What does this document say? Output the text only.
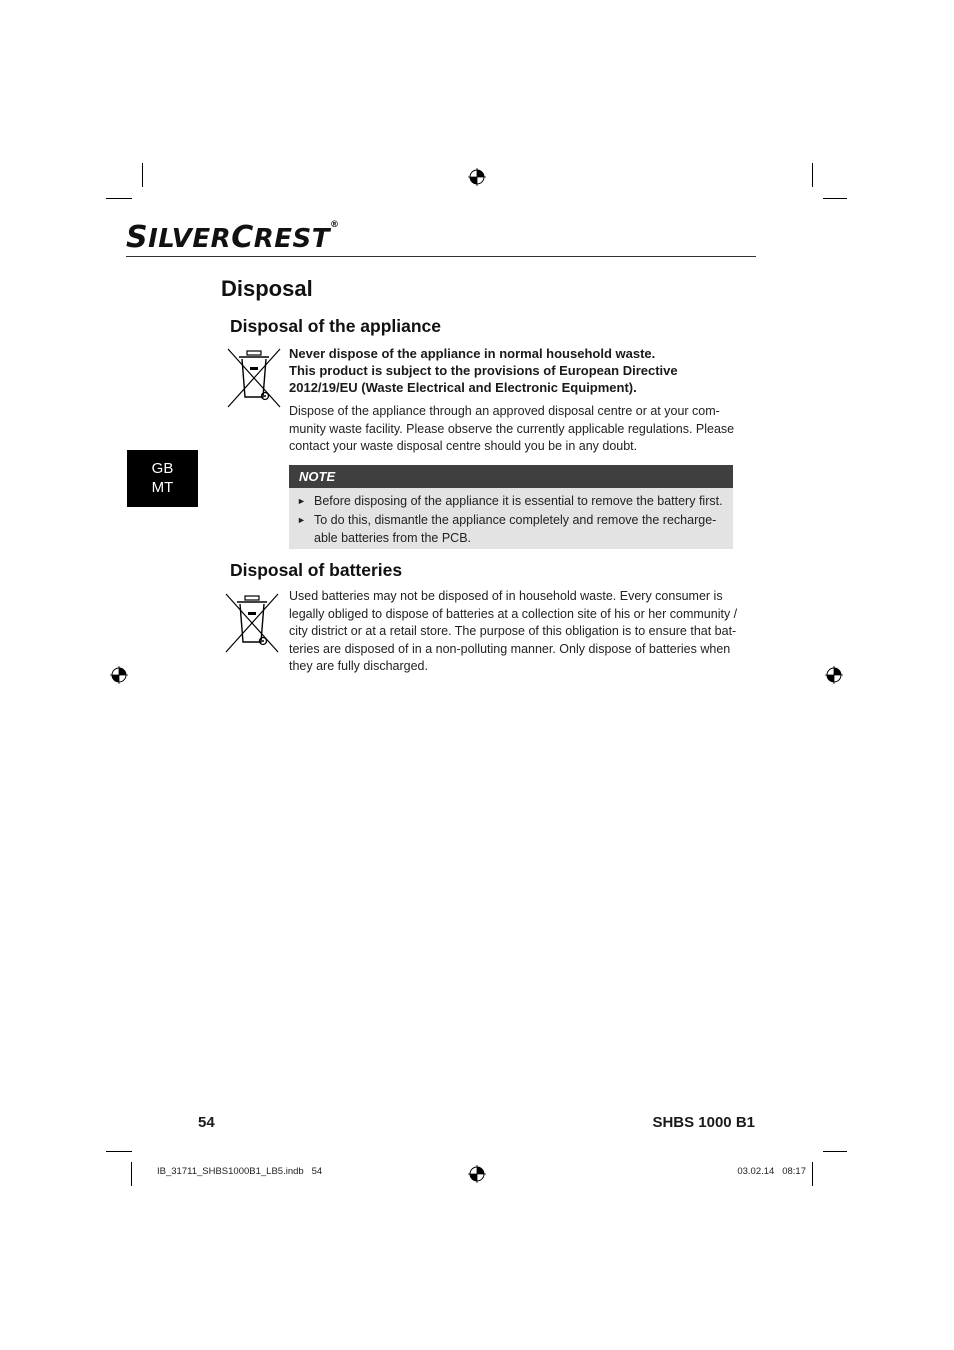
SILVERCREST®
Disposal
GB
MT
Disposal of the appliance
Never dispose of the appliance in normal household waste.
This product is subject to the provisions of European Directive
2012/19/EU (Waste Electrical and Electronic Equipment).
Dispose of the appliance through an approved disposal centre or at your com-
munity waste facility. Please observe the currently applicable regulations. Please
contact your waste disposal centre should you be in any doubt.
NOTE
► Before disposing of the appliance it is essential to remove the battery first.
► To do this, dismantle the appliance completely and remove the recharge-
able batteries from the PCB.
Disposal of batteries
Used batteries may not be disposed of in household waste. Every consumer is
legally obliged to dispose of batteries at a collection site of his or her community /
city district or at a retail store. The purpose of this obligation is to ensure that bat-
teries are disposed of in a non-polluting manner. Only dispose of batteries when
they are fully discharged.
54	SHBS 1000 B1
IB_31711_SHBS1000B1_LB5.indb   54	03.02.14   08:17
